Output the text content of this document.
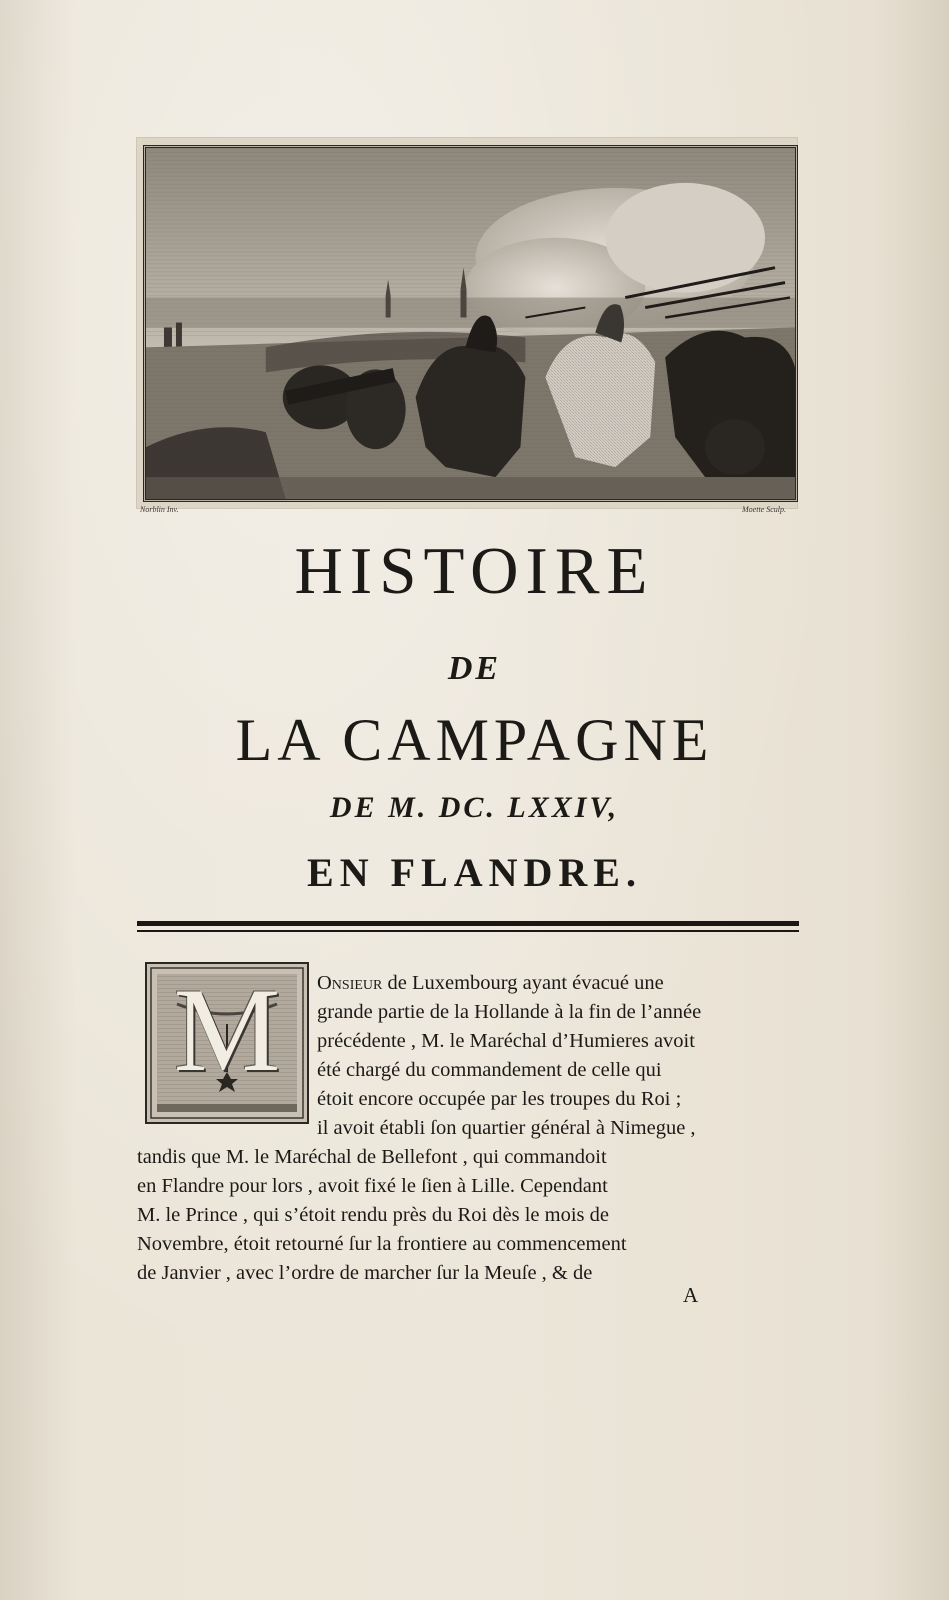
Norblin Inv.	Moette Sculp.
HISTOIRE
DE
LA CAMPAGNE
DE M. DC. LXXIV,
EN FLANDRE.
M	Onsieur de Luxembourg ayant évacué une
grande partie de la Hollande à la fin de l’année
précédente , M. le Maréchal d’Humieres avoit
été chargé du commandement de celle qui
étoit encore occupée par les troupes du Roi ;
il avoit établi ſon quartier général à Nimegue ,
tandis que M. le Maréchal de Bellefont , qui commandoit
en Flandre pour lors , avoit fixé le ſien à Lille. Cependant
M. le Prince , qui s’étoit rendu près du Roi dès le mois de
Novembre, étoit retourné ſur la frontiere au commencement
de Janvier , avec l’ordre de marcher ſur la Meuſe , & de
A
